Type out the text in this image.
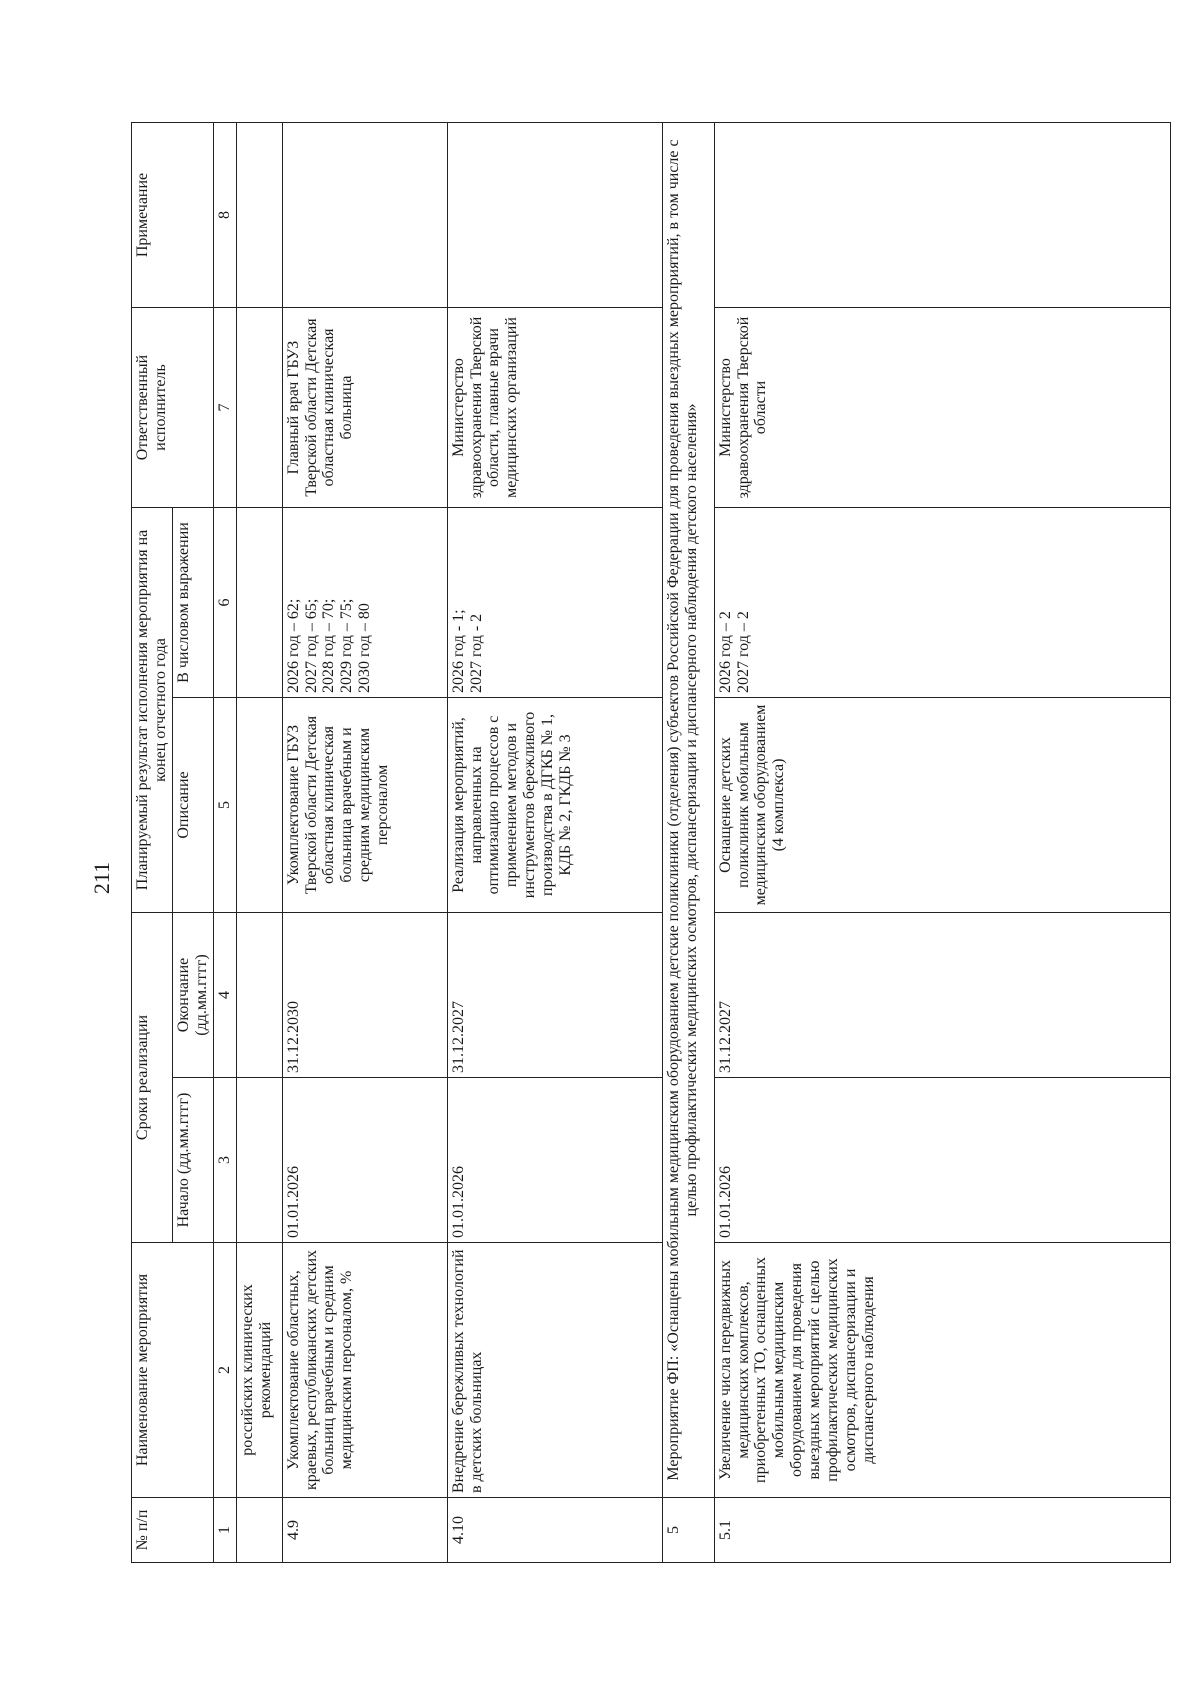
211
№ п/п	Наименование мероприятия	Сроки реализации		Планируемый результат исполнения мероприятия на конец отчетного года		Ответственный исполнитель	Примечание
		Начало (дд.мм.гггг)	Окончание (дд.мм.гггг)	Описание	В числовом выражении		
1	2	3	4	5	6	7	8
	российских клинических рекомендаций						
4.9	Укомплектование областных, краевых, республиканских детских больниц врачебным и средним медицинским персоналом, %	01.01.2026	31.12.2030	Укомплектование ГБУЗ Тверской области Детская областная клиническая больница врачебным и средним медицинским персоналом	2026 год – 62;
2027 год – 65;
2028 год – 70;
2029 год – 75;
2030 год – 80	Главный врач ГБУЗ Тверской области Детская областная клиническая больница	
4.10	Внедрение бережливых технологий в детских больницах	01.01.2026	31.12.2027	Реализация мероприятий, направленных на оптимизацию процессов с применением методов и инструментов бережливого производства в ДГКБ № 1, КДБ № 2, ГКДБ № 3	2026 год - 1;
2027 год - 2	Министерство здравоохранения Тверской области, главные врачи медицинских организаций	
5	Мероприятие ФП: «Оснащены мобильным медицинским оборудованием детские поликлиники (отделения) субъектов Российской Федерации для проведения выездных мероприятий, в том числе с целью профилактических медицинских осмотров, диспансеризации и диспансерного наблюдения детского населения»						
5.1	Увеличение числа передвижных медицинских комплексов, приобретенных ТО, оснащенных мобильным медицинским оборудованием для проведения выездных мероприятий с целью профилактических медицинских осмотров, диспансеризации и диспансерного наблюдения	01.01.2026	31.12.2027	Оснащение детских поликлиник мобильным медицинским оборудованием (4 комплекса)	2026 год – 2
2027 год – 2	Министерство здравоохранения Тверской области	
